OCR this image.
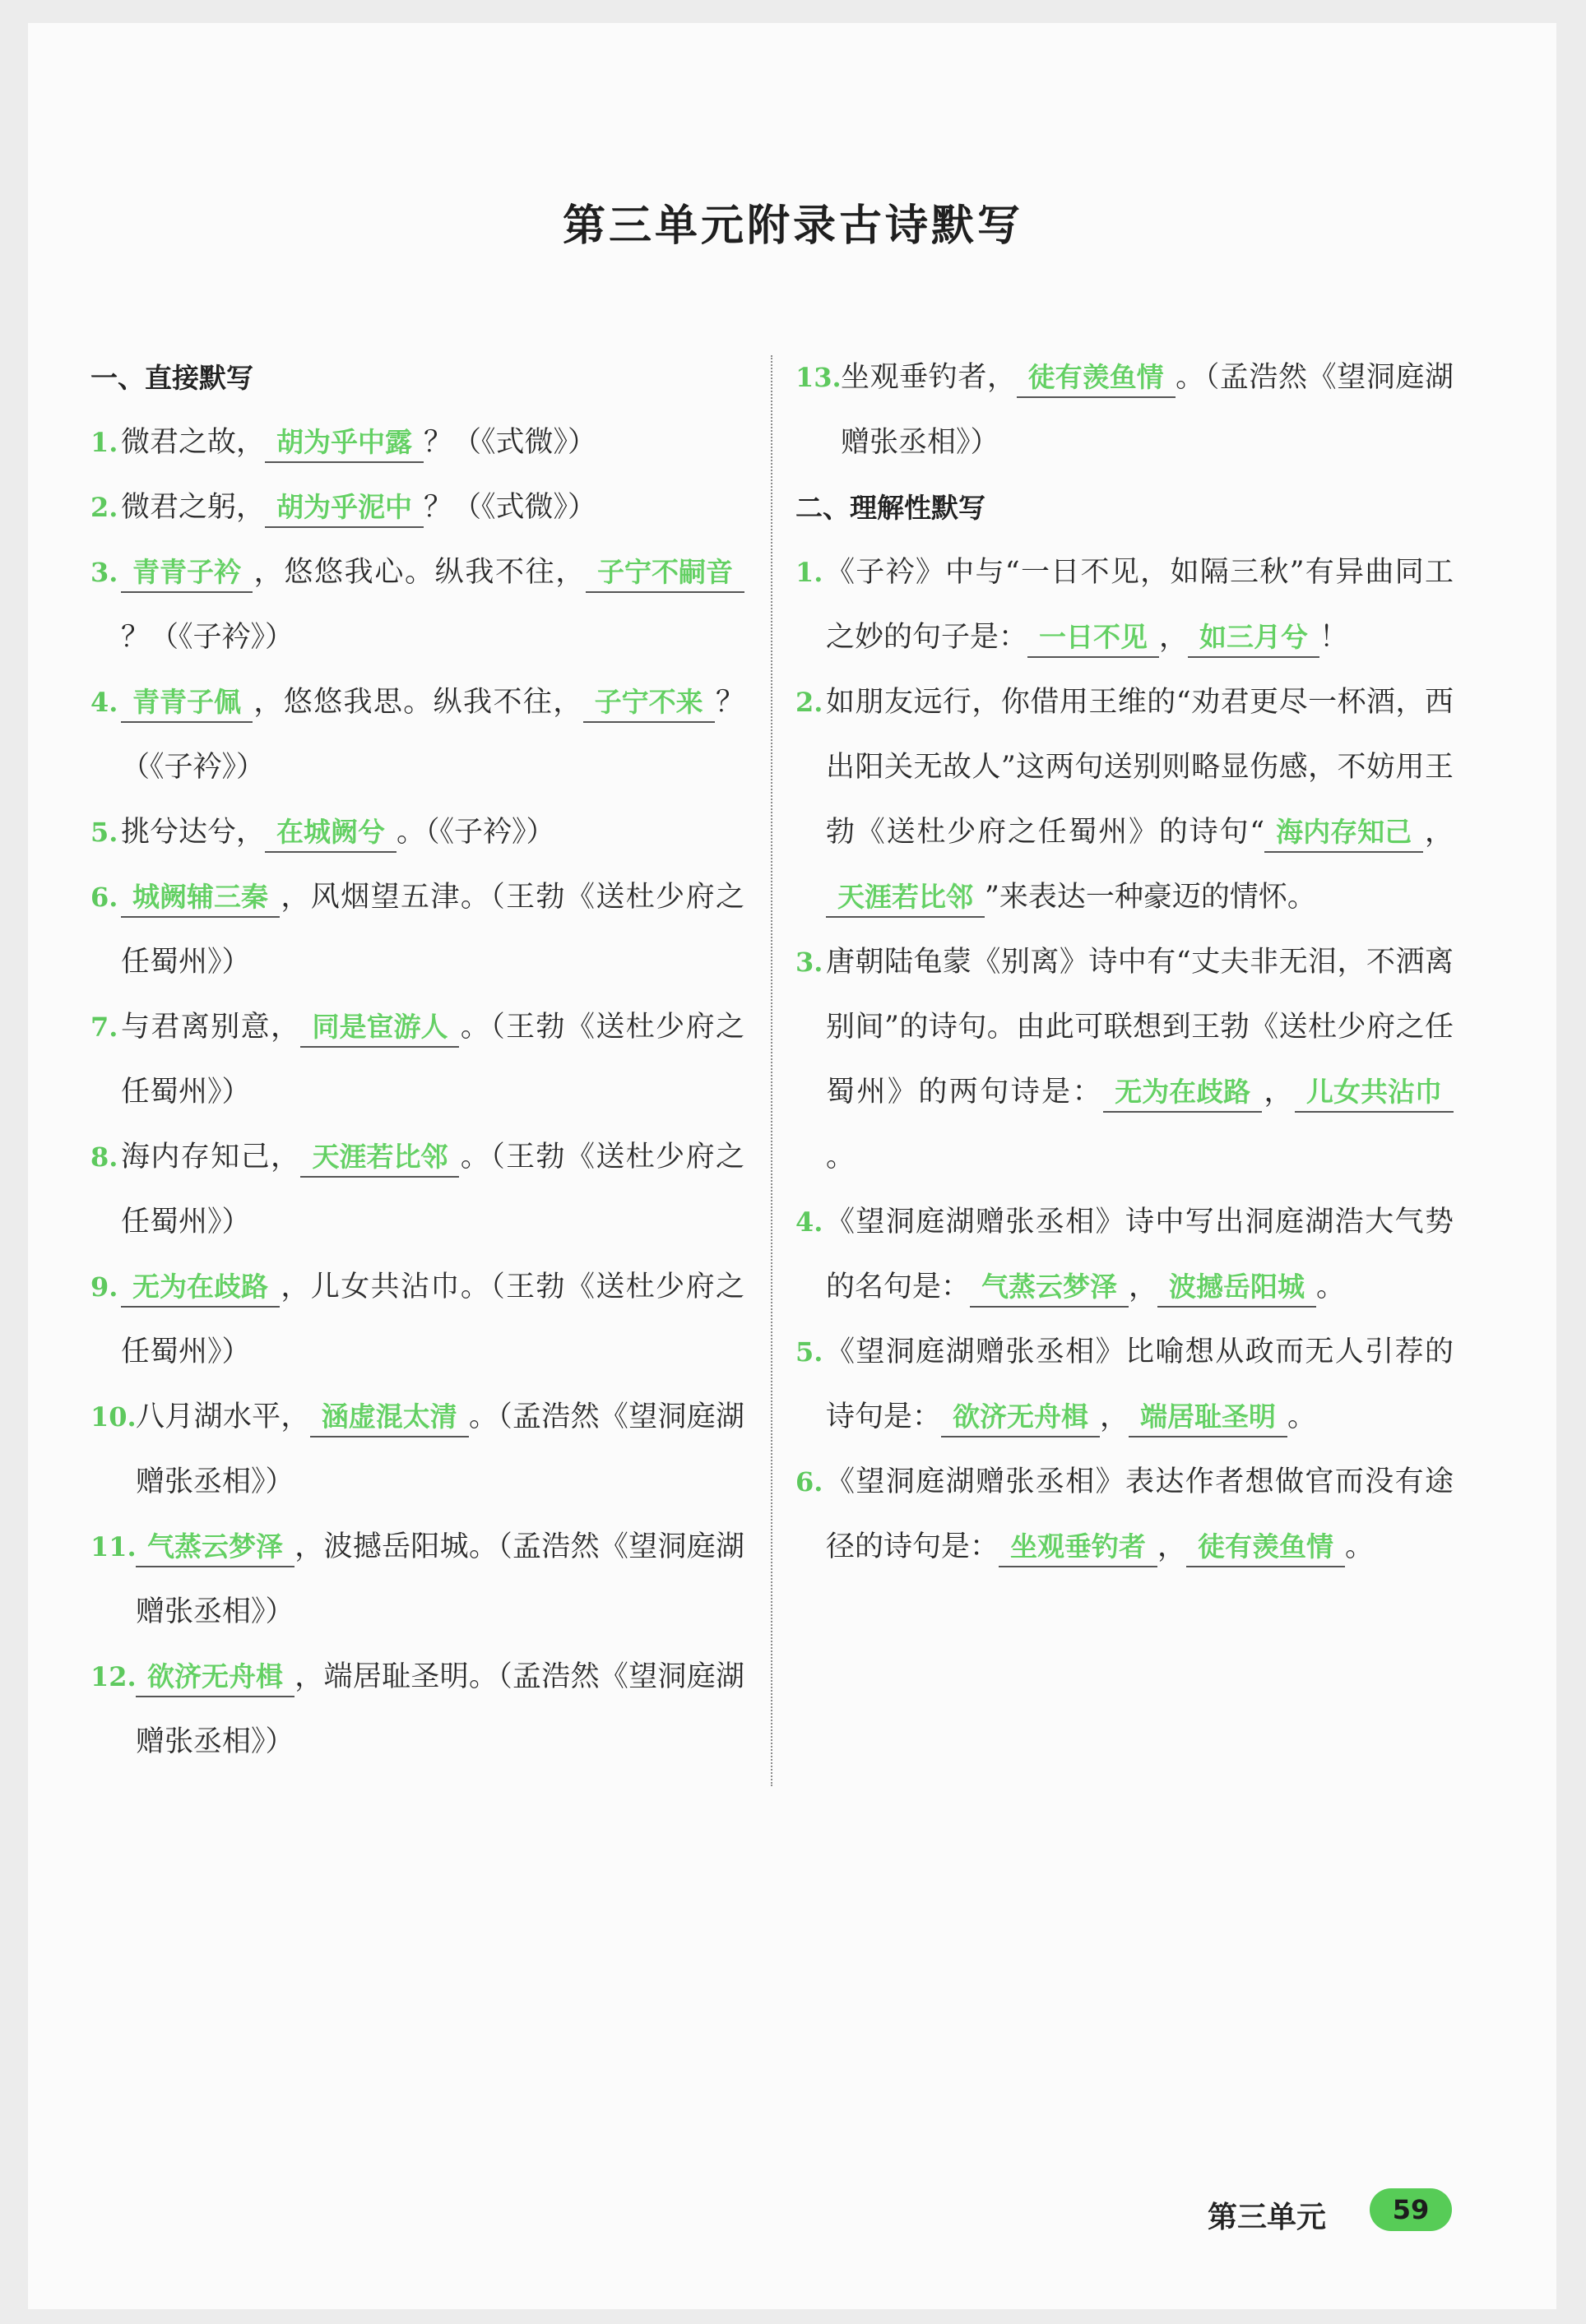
第三单元附录古诗默写
一、直接默写
1. 微君之故， 胡为乎中露 ？（《式微》）
2. 微君之躬， 胡为乎泥中 ？（《式微》）
3. 青青子衿 ，悠悠我心。纵我不往， 子宁不嗣音？（《子衿》）
4. 青青子佩 ，悠悠我思。纵我不往， 子宁不来 ？（《子衿》）
5. 挑兮达兮， 在城阙兮 。（《子衿》）
6. 城阙辅三秦 ，风烟望五津。（王勃《送杜少府之任蜀州》）
7. 与君离别意， 同是宦游人 。（王勃《送杜少府之任蜀州》）
8. 海内存知己， 天涯若比邻 。（王勃《送杜少府之任蜀州》）
9. 无为在歧路 ，儿女共沾巾。（王勃《送杜少府之任蜀州》）
10. 八月湖水平， 涵虚混太清 。（孟浩然《望洞庭湖赠张丞相》）
11. 气蒸云梦泽 ，波撼岳阳城。（孟浩然《望洞庭湖赠张丞相》）
12. 欲济无舟楫 ，端居耻圣明。（孟浩然《望洞庭湖赠张丞相》）
13. 坐观垂钓者， 徒有羡鱼情 。（孟浩然《望洞庭湖赠张丞相》）
二、理解性默写
1. 《子衿》中与“一日不见，如隔三秋”有异曲同工之妙的句子是： 一日不见 ， 如三月兮 ！
2. 如朋友远行，你借用王维的“劝君更尽一杯酒，西出阳关无故人”这两句送别则略显伤感，不妨用王勃《送杜少府之任蜀州》的诗句“ 海内存知己 ，天涯若比邻 ”来表达一种豪迈的情怀。
3. 唐朝陆龟蒙《别离》诗中有“丈夫非无泪，不洒离别间”的诗句。由此可联想到王勃《送杜少府之任蜀州》的两句诗是： 无为在歧路 ， 儿女共沾巾。
4. 《望洞庭湖赠张丞相》诗中写出洞庭湖浩大气势的名句是： 气蒸云梦泽 ， 波撼岳阳城 。
5. 《望洞庭湖赠张丞相》比喻想从政而无人引荐的诗句是： 欲济无舟楫 ， 端居耻圣明 。
6. 《望洞庭湖赠张丞相》表达作者想做官而没有途径的诗句是： 坐观垂钓者 ， 徒有羡鱼情 。
第三单元	59
